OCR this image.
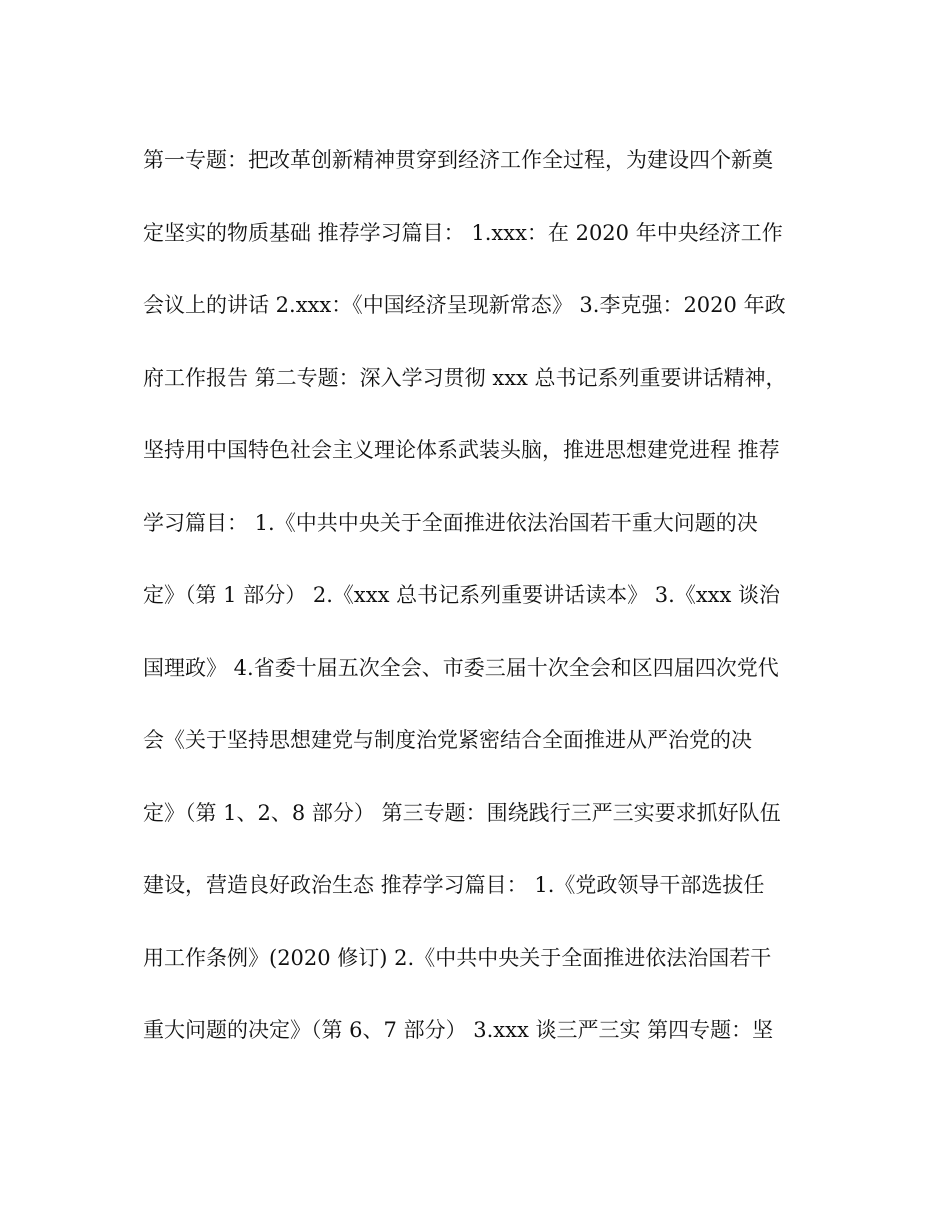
第一专题：把改革创新精神贯穿到经济工作全过程，为建设四个新奠
定坚实的物质基础 推荐学习篇目： 1.xxx：在 2020 年中央经济工作
会议上的讲话 2.xxx：《中国经济呈现新常态》 3.李克强：2020 年政
府工作报告 第二专题：深入学习贯彻 xxx 总书记系列重要讲话精神，
坚持用中国特色社会主义理论体系武装头脑，推进思想建党进程 推荐
学习篇目： 1.《中共中央关于全面推进依法治国若干重大问题的决
定》（第 1 部分） 2.《xxx 总书记系列重要讲话读本》 3.《xxx 谈治
国理政》 4.省委十届五次全会、市委三届十次全会和区四届四次党代
会《关于坚持思想建党与制度治党紧密结合全面推进从严治党的决
定》（第 1、2、8 部分） 第三专题：围绕践行三严三实要求抓好队伍
建设，营造良好政治生态 推荐学习篇目： 1.《党政领导干部选拔任
用工作条例》(2020 修订) 2.《中共中央关于全面推进依法治国若干
重大问题的决定》（第 6、7 部分） 3.xxx 谈三严三实 第四专题：坚
